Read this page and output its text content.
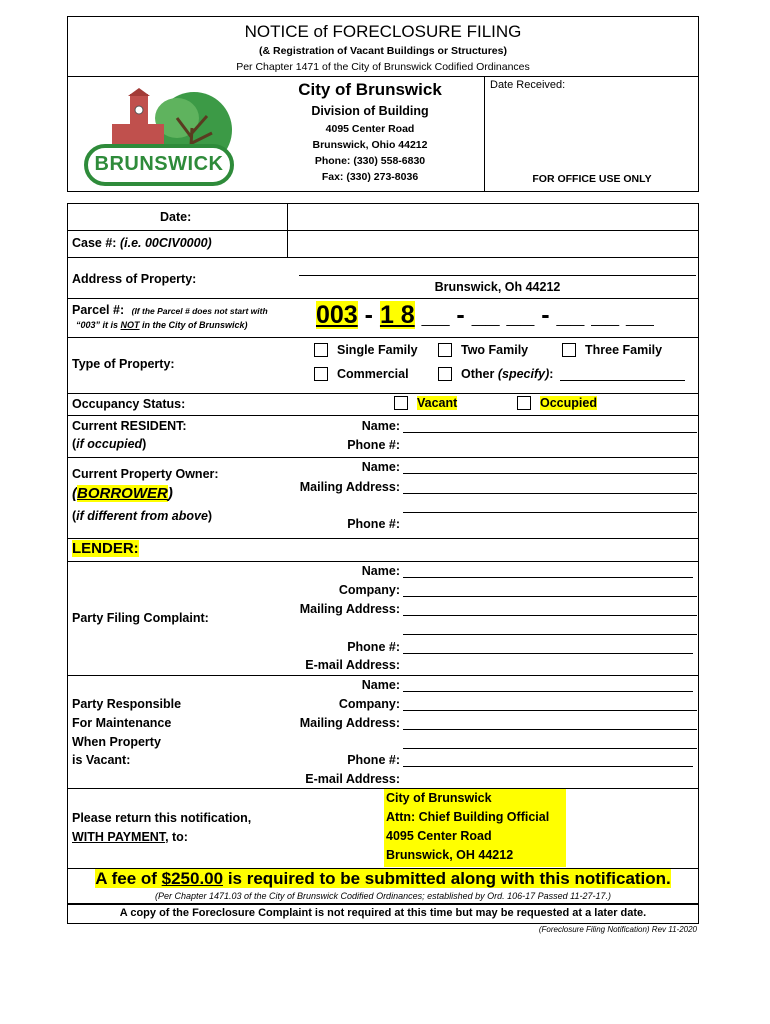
NOTICE of FORECLOSURE FILING
(& Registration of Vacant Buildings or Structures)
Per Chapter 1471 of the City of Brunswick Codified Ordinances
BRUNSWICK
City of Brunswick
Division of Building
4095 Center Road
Brunswick, Ohio 44212
Phone: (330) 558-6830
Fax: (330) 273-8036
Date Received:
FOR OFFICE USE ONLY
Date:
Case #: (i.e. 00CIV0000)
Address of Property:
Brunswick, Oh 44212
Parcel #: (If the Parcel # does not start with
“003” it is NOT in the City of Brunswick)	003 - 1 8 __ - __ __ - __ __ __
Type of Property:
Single Family	Two Family	Three Family
Commercial	Other (specify):
Occupancy Status:	Vacant	Occupied
Current RESIDENT:
(if occupied)
Name:
Phone #:
Current Property Owner:
(BORROWER)
(if different from above)
Name:
Mailing Address:
Phone #:
LENDER:
Party Filing Complaint:
Name:
Company:
Mailing Address:
Phone #:
E-mail Address:
Party Responsible
For Maintenance
When Property
is Vacant:
Name:
Company:
Mailing Address:
Phone #:
E-mail Address:
Please return this notification,
WITH PAYMENT, to:
City of Brunswick
Attn: Chief Building Official
4095 Center Road
Brunswick, OH 44212
A fee of $250.00 is required to be submitted along with this notification.
(Per Chapter 1471.03 of the City of Brunswick Codified Ordinances; established by Ord. 106-17 Passed 11-27-17.)
A copy of the Foreclosure Complaint is not required at this time but may be requested at a later date.
(Foreclosure Filing Notification) Rev 11-2020
